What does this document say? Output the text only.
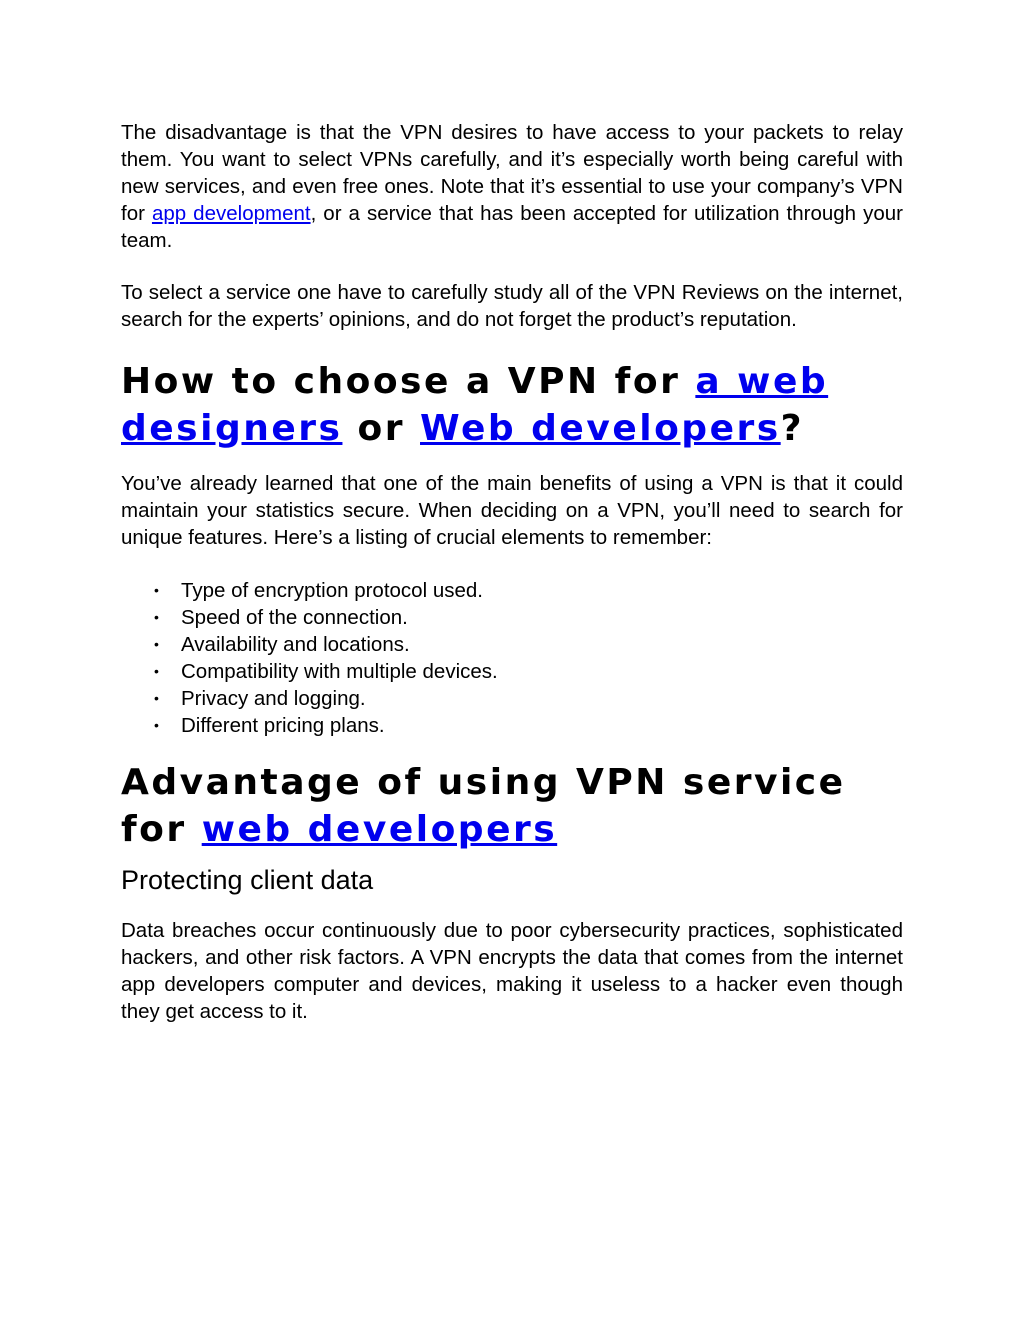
The disadvantage is that the VPN desires to have access to your packets to relay them. You want to select VPNs carefully, and it’s especially worth being careful with new services, and even free ones. Note that it’s essential to use your company’s VPN for app development, or a service that has been accepted for utilization through your team.

To select a service one have to carefully study all of the VPN Reviews on the internet, search for the experts’ opinions, and do not forget the product’s reputation.

How to choose a VPN for a web designers or Web developers?

You’ve already learned that one of the main benefits of using a VPN is that it could maintain your statistics secure. When deciding on a VPN, you’ll need to search for unique features. Here’s a listing of crucial elements to remember:

• Type of encryption protocol used.
• Speed of the connection.
• Availability and locations.
• Compatibility with multiple devices.
• Privacy and logging.
• Different pricing plans.
Advantage of using VPN service for web developers
Protecting client data

Data breaches occur continuously due to poor cybersecurity practices, sophisticated hackers, and other risk factors. A VPN encrypts the data that comes from the internet app developers computer and devices, making it useless to a hacker even though they get access to it.
